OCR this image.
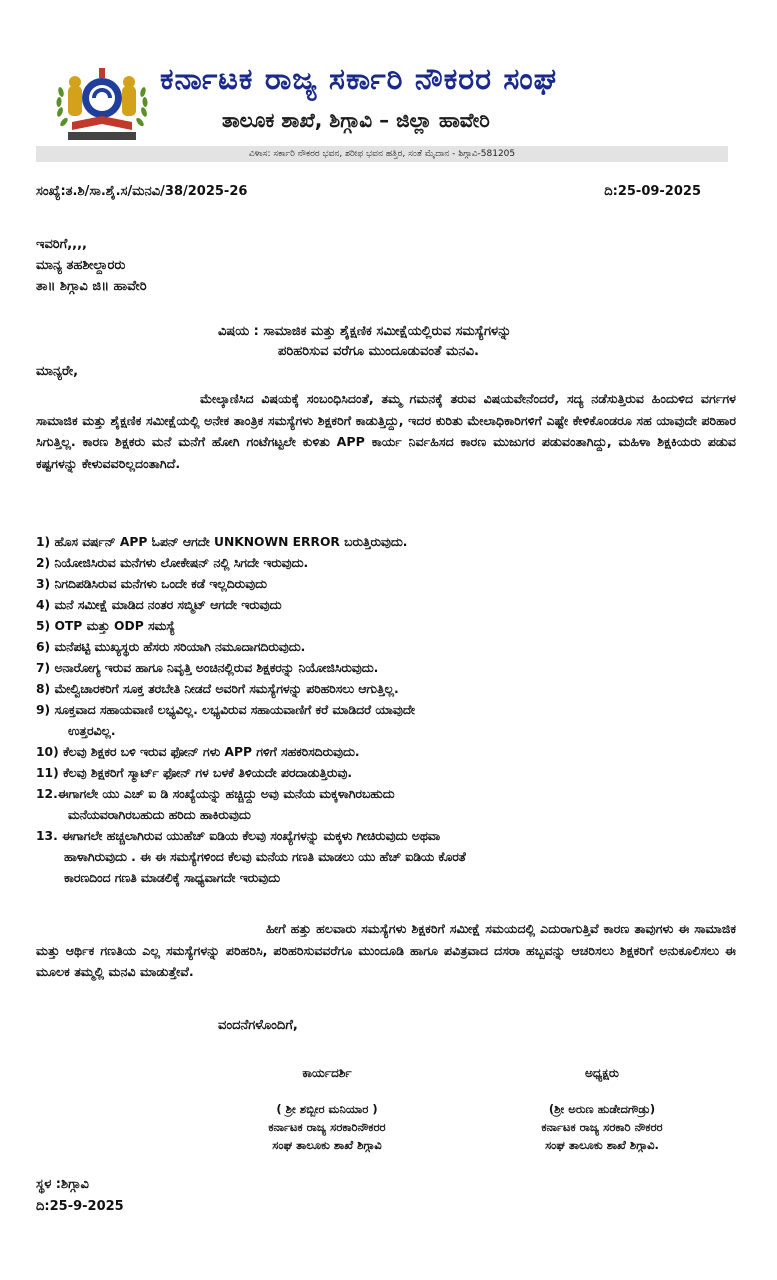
ಕರ್ನಾಟಕ ರಾಜ್ಯ ಸರ್ಕಾರಿ ನೌಕರರ ಸಂಘ
ತಾಲೂಕ ಶಾಖೆ, ಶಿಗ್ಗಾವಿ – ಜಿಲ್ಲಾ ಹಾವೇರಿ
ವಿಳಾಸ: ಸರ್ಕಾರಿ ನೌಕರರ ಭವನ, ಶರೀಫ ಭವನ ಹತ್ತಿರ, ಸಂತೆ ಮೈದಾನ - ಶಿಗ್ಗಾವಿ-581205
ಸಂಖ್ಯೆ:ತ.ಶಿ/ಸಾ.ಶೈ.ಸ/ಮನವಿ/38/2025-26	ದಿ:25-09-2025
ಇವರಿಗೆ,,,,
ಮಾನ್ಯ ತಹಶೀಲ್ದಾರರು
ತಾ॥ ಶಿಗ್ಗಾವಿ ಜಿ॥ ಹಾವೇರಿ
ವಿಷಯ : ಸಾಮಾಜಿಕ ಮತ್ತು ಶೈಕ್ಷಣಿಕ ಸಮೀಕ್ಷೆಯಲ್ಲಿರುವ ಸಮಸ್ಯೆಗಳನ್ನು
ಪರಿಹರಿಸುವ ವರೆಗೂ ಮುಂದೂಡುವಂತೆ ಮನವಿ.
ಮಾನ್ಯರೇ,
ಮೇಲ್ಕಾಣಿಸಿದ ವಿಷಯಕ್ಕೆ ಸಂಬಂಧಿಸಿದಂತೆ, ತಮ್ಮ ಗಮನಕ್ಕೆ ತರುವ ವಿಷಯವೇನೆಂದರೆ, ಸದ್ಯ ನಡೆಸುತ್ತಿರುವ ಹಿಂದುಳಿದ ವರ್ಗಗಳ ಸಾಮಾಜಿಕ ಮತ್ತು ಶೈಕ್ಷಣಿಕ ಸಮೀಕ್ಷೆಯಲ್ಲಿ ಅನೇಕ ತಾಂತ್ರಿಕ ಸಮಸ್ಯೆಗಳು ಶಿಕ್ಷಕರಿಗೆ ಕಾಡುತ್ತಿದ್ದು, ಇದರ ಕುರಿತು ಮೇಲಾಧಿಕಾರಿಗಳಿಗೆ ಎಷ್ಟೇ ಕೇಳಿಕೊಂಡರೂ ಸಹ ಯಾವುದೇ ಪರಿಹಾರ ಸಿಗುತ್ತಿಲ್ಲ. ಕಾರಣ ಶಿಕ್ಷಕರು ಮನೆ ಮನೆಗೆ ಹೋಗಿ ಗಂಟೆಗಟ್ಟಲೇ ಕುಳಿತು APP ಕಾರ್ಯ ನಿರ್ವಹಿಸದ ಕಾರಣ ಮುಜುಗರ ಪಡುವಂತಾಗಿದ್ದು, ಮಹಿಳಾ ಶಿಕ್ಷಕಿಯರು ಪಡುವ ಕಷ್ಟಗಳನ್ನು ಕೇಳುವವರಿಲ್ಲದಂತಾಗಿದೆ.
1) ಹೊಸ ವರ್ಷನ್ APP ಓಪನ್ ಆಗದೇ UNKNOWN ERROR ಬರುತ್ತಿರುವುದು.
2) ನಿಯೋಜಿಸಿರುವ ಮನೆಗಳು ಲೋಕೇಷನ್ ನಲ್ಲಿ ಸಿಗದೇ ಇರುವುದು.
3) ನಿಗದಿಪಡಿಸಿರುವ ಮನೆಗಳು ಒಂದೇ ಕಡೆ ಇಲ್ಲದಿರುವುದು
4) ಮನೆ ಸಮೀಕ್ಷೆ ಮಾಡಿದ ನಂತರ ಸಬ್ಮಿಟ್ ಆಗದೇ ಇರುವುದು
5) OTP ಮತ್ತು ODP ಸಮಸ್ಯೆ
6) ಮನೆಪಟ್ಟಿ ಮುಖ್ಯಸ್ಥರು ಹೆಸರು ಸರಿಯಾಗಿ ನಮೂದಾಗದಿರುವುದು.
7) ಅನಾರೋಗ್ಯ ಇರುವ ಹಾಗೂ ನಿವೃತ್ತಿ ಅಂಚಿನಲ್ಲಿರುವ ಶಿಕ್ಷಕರನ್ನು ನಿಯೋಜಿಸಿರುವುದು.
8) ಮೇಲ್ವಿಚಾರಕರಿಗೆ ಸೂಕ್ತ ತರಬೇತಿ ನೀಡದೆ ಅವರಿಗೆ ಸಮಸ್ಯೆಗಳನ್ನು ಪರಿಹರಿಸಲು ಆಗುತ್ತಿಲ್ಲ.
9) ಸೂಕ್ತವಾದ ಸಹಾಯವಾಣಿ ಲಭ್ಯವಿಲ್ಲ. ಲಭ್ಯವಿರುವ ಸಹಾಯವಾಣಿಗೆ ಕರೆ ಮಾಡಿದರೆ ಯಾವುದೇ
ಉತ್ತರವಿಲ್ಲ.
10) ಕೆಲವು ಶಿಕ್ಷಕರ ಬಳಿ ಇರುವ ಫೋನ್ ಗಳು APP ಗಳಿಗೆ ಸಹಕರಿಸದಿರುವುದು.
11) ಕೆಲವು ಶಿಕ್ಷಕರಿಗೆ ಸ್ಮಾರ್ಟ್ ಫೋನ್ ಗಳ ಬಳಕೆ ತಿಳಿಯದೇ ಪರದಾಡುತ್ತಿರುವು.
12.ಈಗಾಗಲೇ ಯು ಎಚ್ ಐ ಡಿ ಸಂಖ್ಯೆಯನ್ನು ಹಚ್ಚಿದ್ದು ಅವು ಮನೆಯ ಮಕ್ಕಳಾಗಿರಬಹುದು
ಮನೆಯವರಾಗಿರಬಹುದು ಹರಿದು ಹಾಕಿರುವುದು
13. ಈಗಾಗಲೇ ಹಚ್ಚಲಾಗಿರುವ ಯುಹೆಚ್ ಐಡಿಯ ಕೆಲವು ಸಂಖ್ಯೆಗಳನ್ನು ಮಕ್ಕಳು ಗೀಚಿರುವುದು ಅಥವಾ
ಹಾಳಾಗಿರುವುದು . ಈ ಈ ಸಮಸ್ಯೆಗಳಿಂದ ಕೆಲವು ಮನೆಯ ಗಣತಿ ಮಾಡಲು ಯು ಹೆಚ್ ಐಡಿಯ ಕೊರತೆ
ಕಾರಣದಿಂದ ಗಣತಿ ಮಾಡಲಿಕ್ಕೆ ಸಾಧ್ಯವಾಗದೇ ಇರುವುದು
ಹೀಗೆ ಹತ್ತು ಹಲವಾರು ಸಮಸ್ಯೆಗಳು ಶಿಕ್ಷಕರಿಗೆ ಸಮೀಕ್ಷೆ ಸಮಯದಲ್ಲಿ ಎದುರಾಗುತ್ತಿವೆ ಕಾರಣ ತಾವುಗಳು ಈ ಸಾಮಾಜಿಕ ಮತ್ತು ಆರ್ಥಿಕ ಗಣತಿಯ ಎಲ್ಲ ಸಮಸ್ಯೆಗಳನ್ನು ಪರಿಹರಿಸಿ, ಪರಿಹರಿಸುವವರೆಗೂ ಮುಂದೂಡಿ ಹಾಗೂ ಪವಿತ್ರವಾದ ದಸರಾ ಹಬ್ಬವನ್ನು ಆಚರಿಸಲು ಶಿಕ್ಷಕರಿಗೆ ಅನುಕೂಲಿಸಲು ಈ ಮೂಲಕ ತಮ್ಮಲ್ಲಿ ಮನವಿ ಮಾಡುತ್ತೇವೆ.
ವಂದನೆಗಳೊಂದಿಗೆ,
ಕಾರ್ಯದರ್ಶಿ
( ಶ್ರೀ ಶಬ್ಬೀರ ಮನಿಯಾರ )
ಕರ್ನಾಟಕ ರಾಜ್ಯ ಸರಕಾರಿನೌಕರರ
ಸಂಘ ತಾಲೂಕು ಶಾಖೆ ಶಿಗ್ಗಾವಿ
ಅಧ್ಯಕ್ಷರು
(ಶ್ರೀ ಅರುಣ ಹುಡೇದಗೌಡ್ರು)
ಕರ್ನಾಟಕ ರಾಜ್ಯ ಸರಕಾರಿ ನೌಕರರ
ಸಂಘ ತಾಲೂಕು ಶಾಖೆ ಶಿಗ್ಗಾವಿ.
ಸ್ಥಳ :ಶಿಗ್ಗಾವಿ
ದಿ:25-9-2025
